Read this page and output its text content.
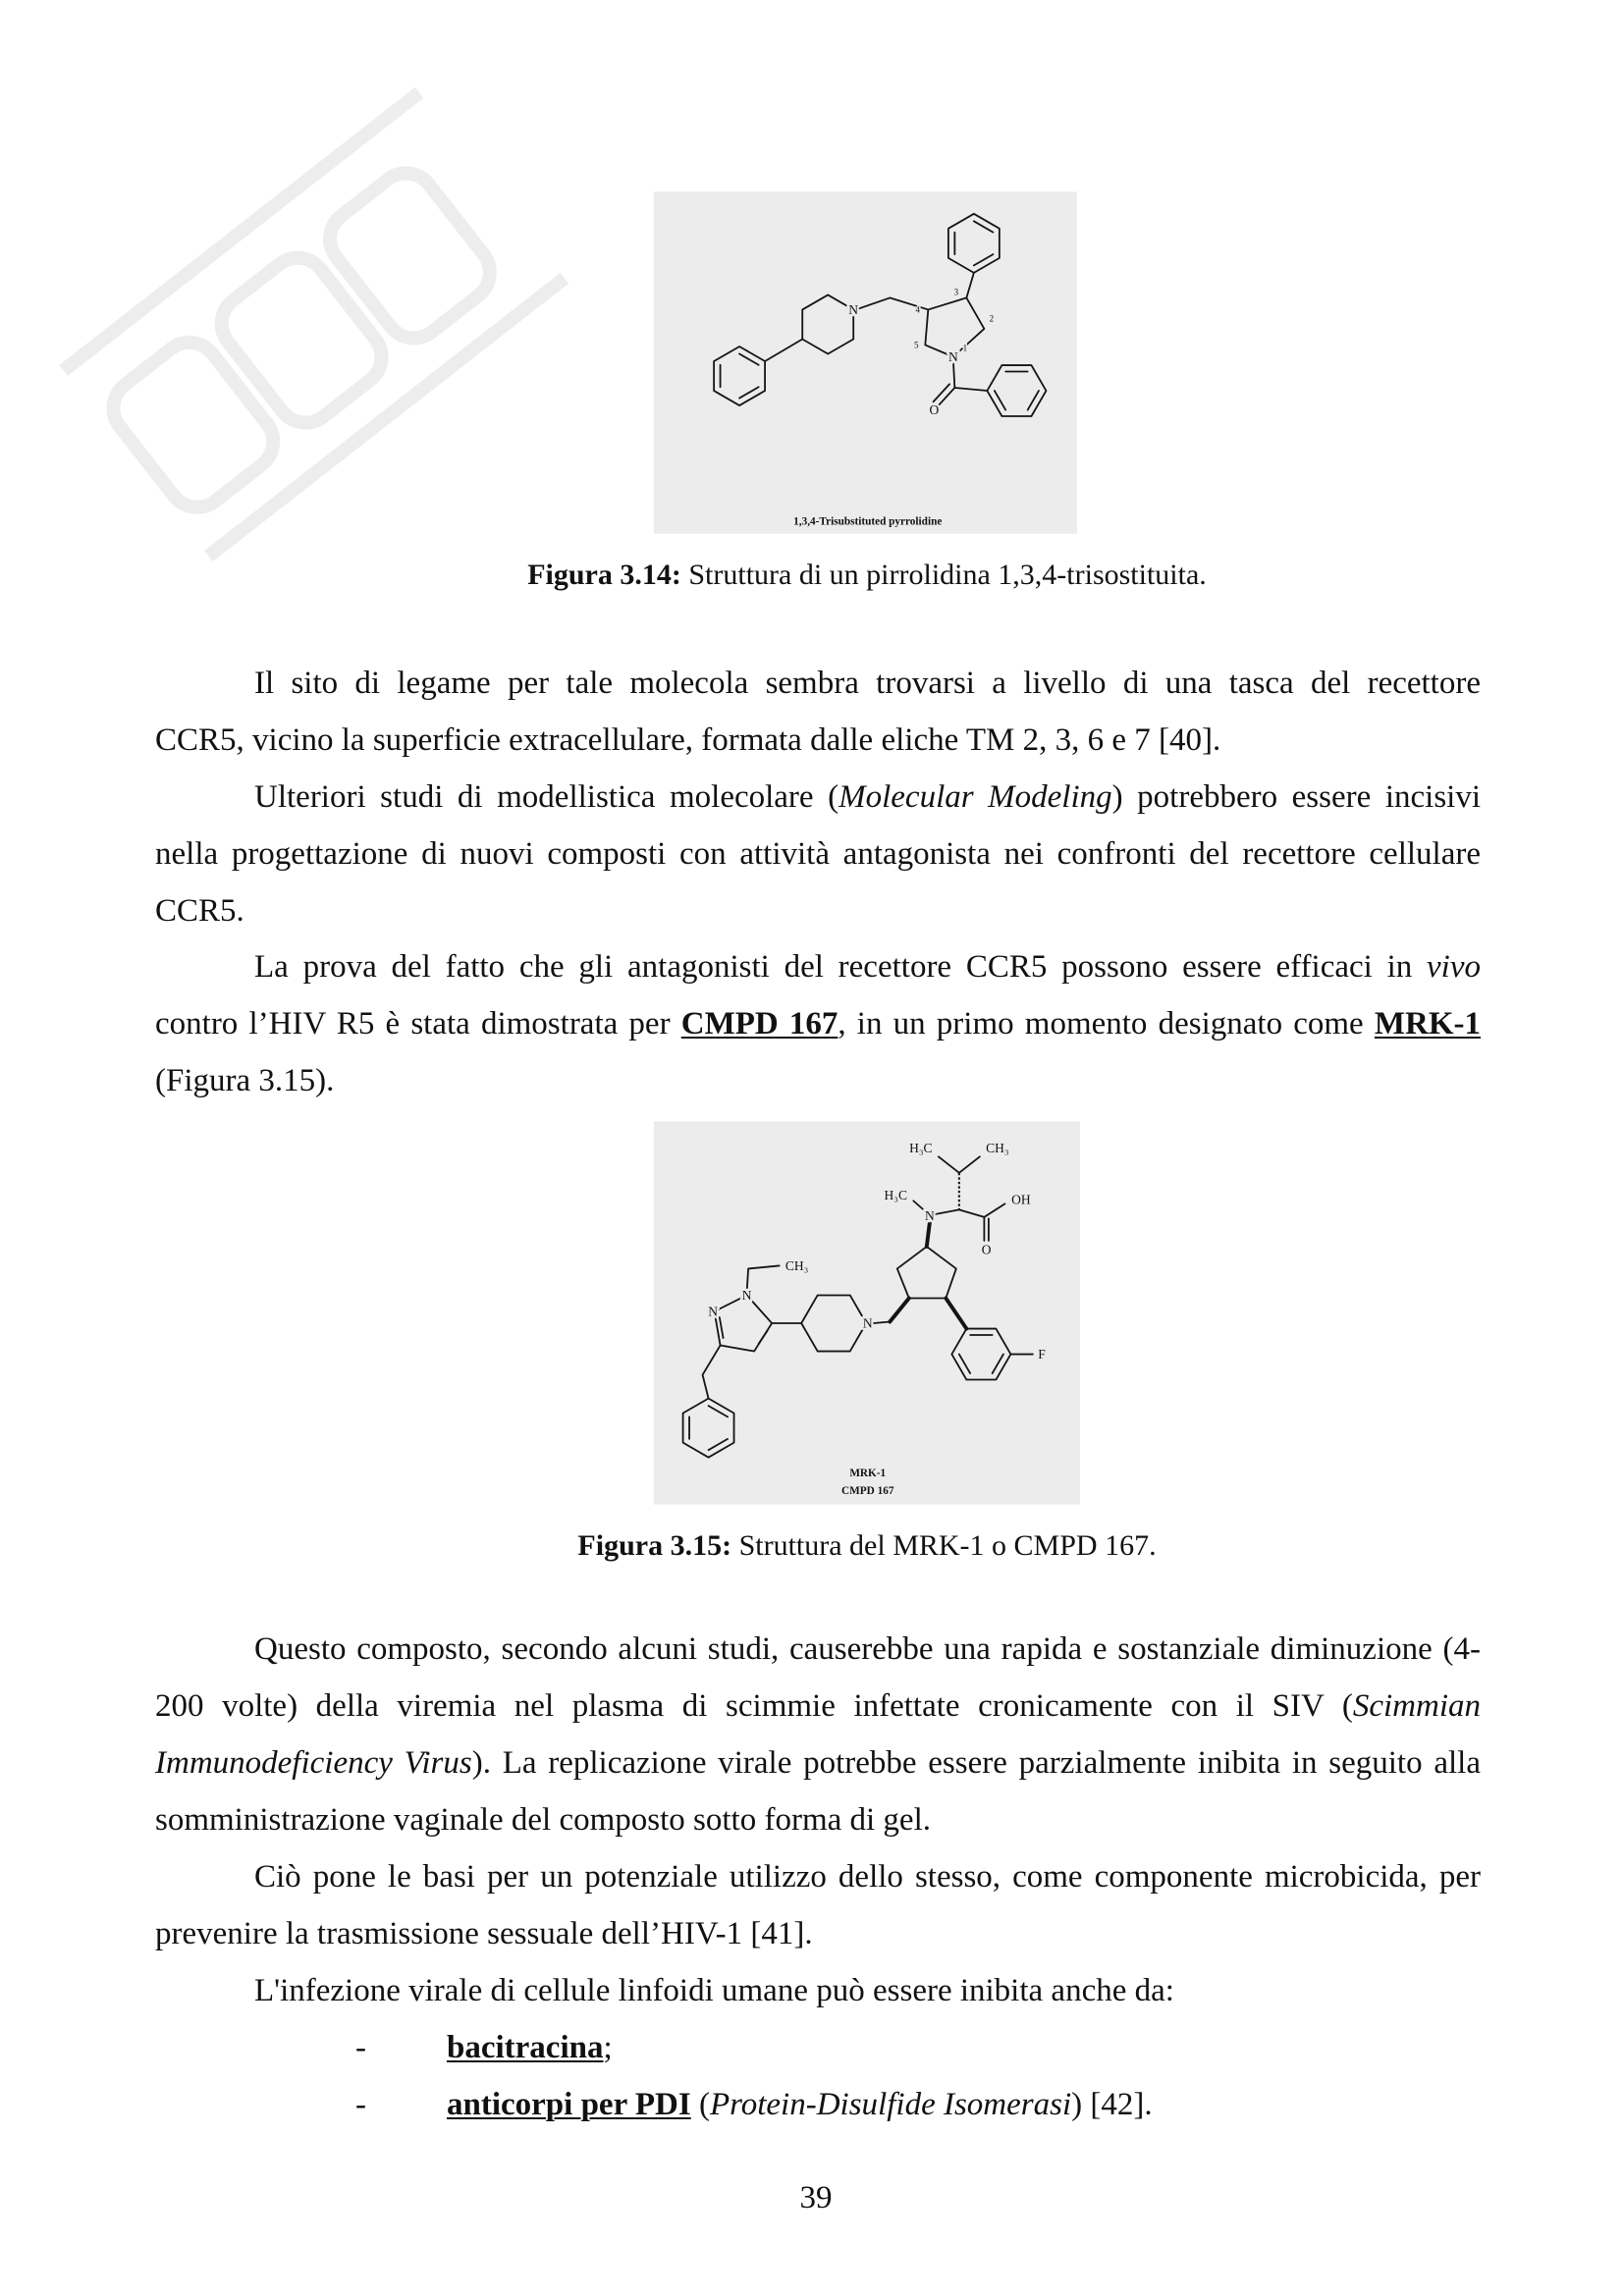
N
N
O
1
2
3
4
5
1,3,4-Trisubstituted pyrrolidine
Figura 3.14: Struttura di un pirrolidina 1,3,4-trisostituita.
Il sito di legame per tale molecola sembra trovarsi a livello di una tasca del recettore
CCR5, vicino la superficie extracellulare, formata dalle eliche TM 2, 3, 6 e 7 [40].
Ulteriori studi di modellistica molecolare (Molecular Modeling) potrebbero essere incisivi
nella progettazione di nuovi composti con attività antagonista nei confronti del recettore cellulare
CCR5.
La prova del fatto che gli antagonisti del recettore CCR5 possono essere efficaci in vivo
contro l’HIV R5 è stata dimostrata per CMPD 167, in un primo momento designato come MRK-1
(Figura 3.15).
H₃C	CH₃
H₃C
N
OH
O
F
N
N
N
CH₃
MRK-1
CMPD 167
Figura 3.15: Struttura del MRK-1 o CMPD 167.
Questo composto, secondo alcuni studi, causerebbe una rapida e sostanziale diminuzione (4-
200 volte) della viremia nel plasma di scimmie infettate cronicamente con il SIV (Scimmian
Immunodeficiency Virus). La replicazione virale potrebbe essere parzialmente inibita in seguito alla
somministrazione vaginale del composto sotto forma di gel.
Ciò pone le basi per un potenziale utilizzo dello stesso, come componente microbicida, per
prevenire la trasmissione sessuale dell’HIV-1 [41].
L'infezione virale di cellule linfoidi umane può essere inibita anche da:
- bacitracina;
- anticorpi per PDI (Protein-Disulfide Isomerasi) [42].
39
